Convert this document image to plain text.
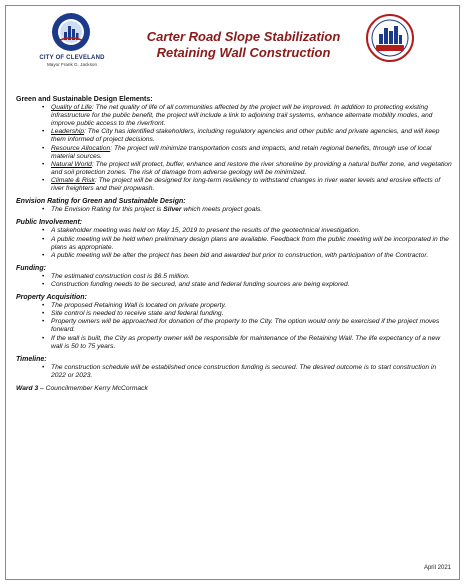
CITY OF CLEVELAND
Mayor Frank G. Jackson
Carter Road Slope Stabilization
Retaining Wall Construction
Green and Sustainable Design Elements:
• Quality of Life: The net quality of life of all communities affected by the project will be improved. In addition to protecting existing infrastructure for the public benefit, the project will include a link to adjoining trail systems, enhance alternate mobility modes, and improve public access to the riverfront.
• Leadership: The City has identified stakeholders, including regulatory agencies and other public and private agencies, and will keep them informed of project decisions.
• Resource Allocation: The project will minimize transportation costs and impacts, and retain regional benefits, through use of local material sources.
• Natural World: The project will protect, buffer, enhance and restore the river shoreline by providing a natural buffer zone, and vegetation and soil protection zones. The risk of damage from adverse geology will be minimized.
• Climate & Risk: The project will be designed for long-term resiliency to withstand changes in river water levels and erosive effects of river freighters and their propwash.
Envision Rating for Green and Sustainable Design:
• The Envision Rating for this project is Silver which meets project goals.
Public Involvement:
• A stakeholder meeting was held on May 15, 2019 to present the results of the geotechnical investigation.
• A public meeting will be held when preliminary design plans are available. Feedback from the public meeting will be incorporated in the plans as appropriate.
• A public meeting will be after the project has been bid and awarded but prior to construction, with participation of the Contractor.
Funding:
• The estimated construction cost is $6.5 million.
• Construction funding needs to be secured, and state and federal funding sources are being explored.
Property Acquisition:
• The proposed Retaining Wall is located on private property.
• Site control is needed to receive state and federal funding.
• Property owners will be approached for donation of the property to the City. The option would only be exercised if the project moves forward.
• If the wall is built, the City as property owner will be responsible for maintenance of the Retaining Wall. The life expectancy of a new wall is 50 to 75 years.
Timeline:
• The construction schedule will be established once construction funding is secured. The desired outcome is to start construction in 2022 or 2023.
Ward 3 – Councilmember Kerry McCormack
April 2021
